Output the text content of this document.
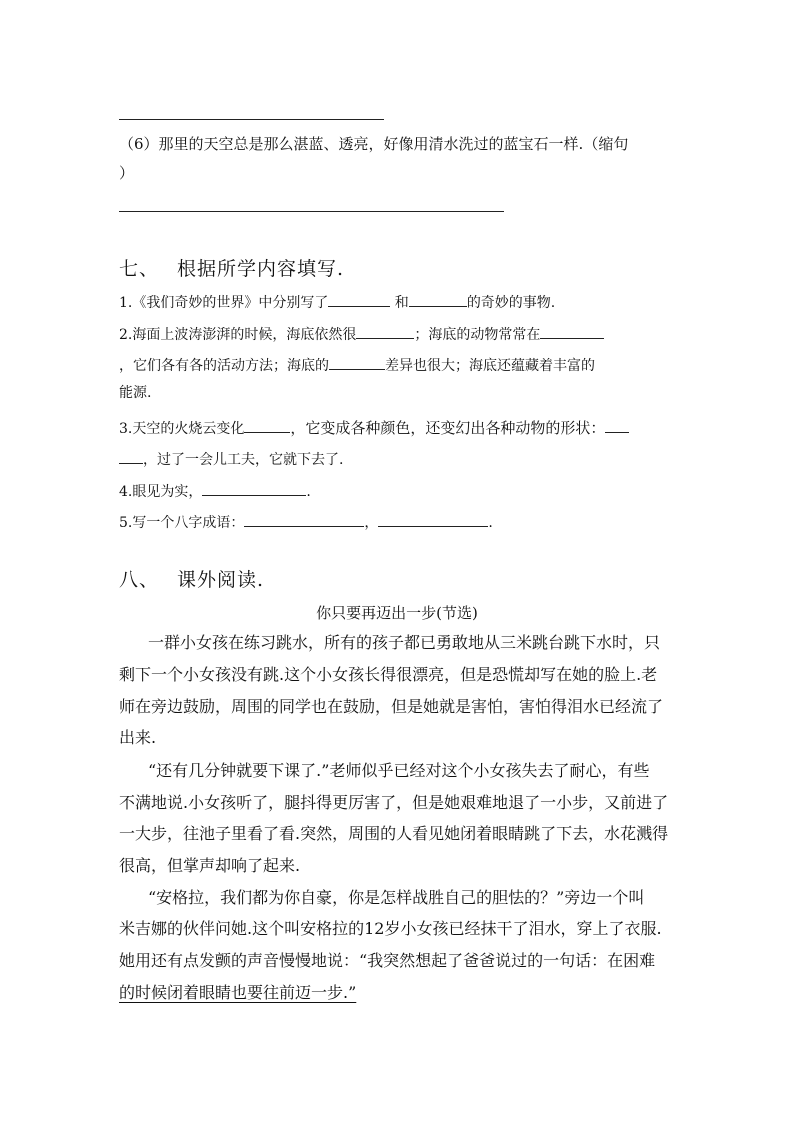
（6）那里的天空总是那么湛蓝、透亮，好像用清水洗过的蓝宝石一样.（缩句
）
七、 根据所学内容填写.
1.《我们奇妙的世界》中分别写了	和	的奇妙的事物.
2.海面上波涛澎湃的时候，海底依然很	；海底的动物常常在
，它们各有各的活动方法；海底的	差异也很大；海底还蕴藏着丰富的
能源.
3.天空的火烧云变化	，它变成各种颜色，还变幻出各种动物的形状：
，过了一会儿工夫，它就下去了.
4.眼见为实，	.
5.写一个八字成语：	，	.
八、 课外阅读.
你只要再迈出一步(节选)
一群小女孩在练习跳水，所有的孩子都已勇敢地从三米跳台跳下水时，只
剩下一个小女孩没有跳.这个小女孩长得很漂亮，但是恐慌却写在她的脸上.老
师在旁边鼓励，周围的同学也在鼓励，但是她就是害怕，害怕得泪水已经流了
出来.
“还有几分钟就要下课了.”老师似乎已经对这个小女孩失去了耐心，有些
不满地说.小女孩听了，腿抖得更厉害了，但是她艰难地退了一小步，又前进了
一大步，往池子里看了看.突然，周围的人看见她闭着眼睛跳了下去，水花溅得
很高，但掌声却响了起来.
“安格拉，我们都为你自豪，你是怎样战胜自己的胆怯的？”旁边一个叫
米吉娜的伙伴问她.这个叫安格拉的12岁小女孩已经抹干了泪水，穿上了衣服.
她用还有点发颤的声音慢慢地说：“我突然想起了爸爸说过的一句话：在困难
的时候闭着眼睛也要往前迈一步.”
